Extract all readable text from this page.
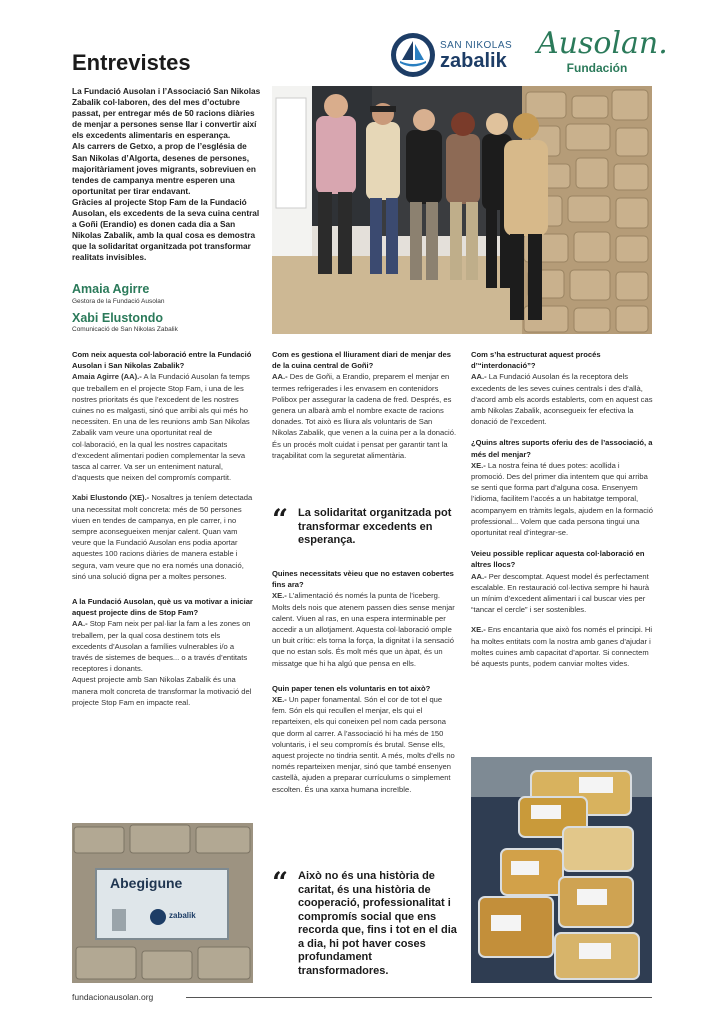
Entrevistes
SAN NIKOLAS
zabalik Ausolan.
Fundación

La Fundació Ausolan i l’Associació San Nikolas Zabalik col·laboren, des del mes d’octubre passat, per entregar més de 50 racions diàries de menjar a persones sense llar i convertir així els excedents alimentaris en esperança.

Als carrers de Getxo, a prop de l’església de San Nikolas d’Algorta, desenes de persones, majoritàriament joves migrants, sobreviuen en tendes de campanya mentre esperen una oportunitat per tirar endavant.

Gràcies al projecte Stop Fam de la Fundació Ausolan, els excedents de la seva cuina central a Goñi (Erandio) es donen cada dia a San Nikolas Zabalik, amb la qual cosa es demostra que la solidaritat organitzada pot transformar realitats invisibles.

Amaia Agirre
Gestora de la Fundació Ausolan
Xabi Elustondo
Comunicació de San Nikolas Zabalik
Com neix aquesta col·laboració entre la Fundació Ausolan i San Nikolas Zabalik?

Amaia Agirre (AA).- A la Fundació Ausolan fa temps que treballem en el projecte Stop Fam, i una de les nostres prioritats és que l’excedent de les nostres cuines no es malgasti, sinó que arribi als qui més ho necessiten. En una de les reunions amb San Nikolas Zabalik vam veure una oportunitat real de col·laboració, en la qual les nostres capacitats d’excedent alimentari podien complementar la seva tasca al carrer. Va ser un enteniment natural, d’aquests que neixen del compromís compartit.

Xabi Elustondo (XE).- Nosaltres ja teníem detectada una necessitat molt concreta: més de 50 persones viuen en tendes de campanya, en ple carrer, i no sempre aconsegueixen menjar calent. Quan vam veure que la Fundació Ausolan ens podia aportar aquestes 100 racions diàries de manera estable i segura, vam veure que no era només una donació, sinó una solució digna per a moltes persones.

A la Fundació Ausolan, què us va motivar a iniciar aquest projecte dins de Stop Fam?

AA.- Stop Fam neix per pal·liar la fam a les zones on treballem, per la qual cosa destinem tots els excedents d’Ausolan a famílies vulnerables i/o a través de sistemes de beques... o a través d’entitats receptores i donants.

Aquest projecte amb San Nikolas Zabalik és una manera molt concreta de transformar la motivació del projecte Stop Fam en impacte real.

Abegigune
zabalik
Com es gestiona el lliurament diari de menjar des de la cuina central de Goñi?

AA.- Des de Goñi, a Erandio, preparem el menjar en termes refrigerades i les envasem en contenidors Polibox per assegurar la cadena de fred. Després, es genera un albarà amb el nombre exacte de racions donades. Tot això es lliura als voluntaris de San Nikolas Zabalik, que venen a la cuina per a la donació. És un procés molt cuidat i pensat per garantir tant la traçabilitat com la seguretat alimentària.

“ La solidaritat organitzada pot transformar excedents en esperança.
Quines necessitats vèieu que no estaven cobertes fins ara?

XE.- L’alimentació és només la punta de l’iceberg. Molts dels nois que atenem passen dies sense menjar calent. Viuen al ras, en una espera interminable per accedir a un allotjament. Aquesta col·laboració omple un buit crític: els torna la força, la dignitat i la sensació que no estan sols. És molt més que un àpat, és un missatge que hi ha algú que pensa en ells.

Quin paper tenen els voluntaris en tot això?

XE.- Un paper fonamental. Són el cor de tot el que fem. Són els qui recullen el menjar, els qui el reparteixen, els qui coneixen pel nom cada persona que dorm al carrer. A l’associació hi ha més de 150 voluntaris, i el seu compromís és brutal. Sense ells, aquest projecte no tindria sentit. A més, molts d’ells no només reparteixen menjar, sinó que també ensenyen castellà, ajuden a preparar currículums o simplement escolten. És una xarxa humana increïble.

“ Això no és una història de caritat, és una història de cooperació, professionalitat i compromís social que ens recorda que, fins i tot en el dia a dia, hi pot haver coses profundament transformadores.
Com s’ha estructurat aquest procés d’“interdonació”?

AA.- La Fundació Ausolan és la receptora dels excedents de les seves cuines centrals i des d’allà, d’acord amb els acords establerts, com en aquest cas amb Nikolas Zabalik, aconsegueix fer efectiva la donació de l’excedent.

¿Quins altres suports oferiu des de l’associació, a més del menjar?

XE.- La nostra feina té dues potes: acollida i promoció. Des del primer dia intentem que qui arriba se senti que forma part d’alguna cosa. Ensenyem l’idioma, facilitem l’accés a un habitatge temporal, acompanyem en tràmits legals, ajudem en la formació professional... Volem que cada persona tingui una oportunitat real d’integrar-se.

Veieu possible replicar aquesta col·laboració en altres llocs?

AA.- Per descomptat. Aquest model és perfectament escalable. En restauració col·lectiva sempre hi haurà un mínim d’excedent alimentari i cal buscar vies per “tancar el cercle” i ser sostenibles.

XE.- Ens encantaria que això fos només el principi. Hi ha moltes entitats com la nostra amb ganes d’ajudar i moltes cuines amb capacitat d’aportar. Si connectem bé aquests punts, podem canviar moltes vides.

fundacionausolan.org
